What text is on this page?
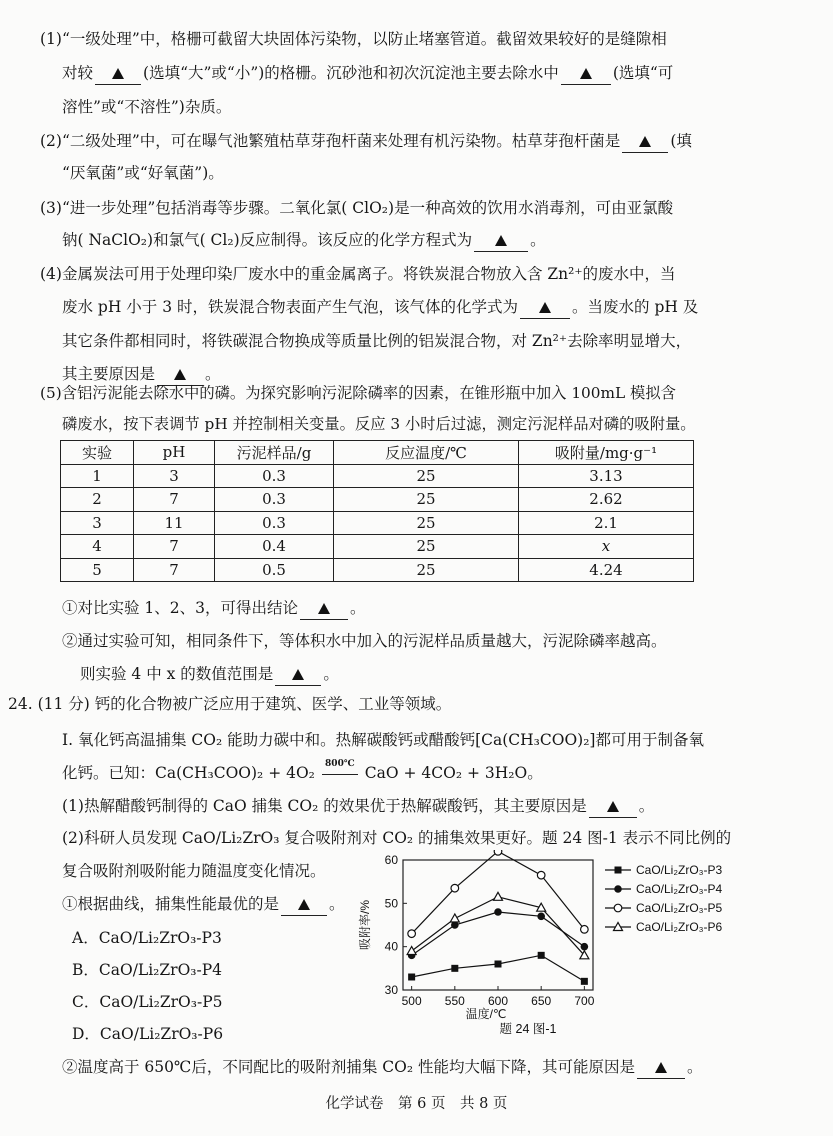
(1)“一级处理”中，格栅可截留大块固体污染物，以防止堵塞管道。截留效果较好的是缝隙相
对较	(选填“大”或“小”)的格栅。沉砂池和初次沉淀池主要去除水中	(选填“可
溶性”或“不溶性”)杂质。
(2)“二级处理”中，可在曝气池繁殖枯草芽孢杆菌来处理有机污染物。枯草芽孢杆菌是	(填
“厌氧菌”或“好氧菌”)。
(3)“进一步处理”包括消毒等步骤。二氧化氯( ClO₂)是一种高效的饮用水消毒剂，可由亚氯酸
钠( NaClO₂)和氯气( Cl₂)反应制得。该反应的化学方程式为	。
(4)金属炭法可用于处理印染厂废水中的重金属离子。将铁炭混合物放入含 Zn²⁺的废水中，当
废水 pH 小于 3 时，铁炭混合物表面产生气泡，该气体的化学式为	。当废水的 pH 及
其它条件都相同时，将铁碳混合物换成等质量比例的铝炭混合物，对 Zn²⁺去除率明显增大，
其主要原因是	。
(5)含铝污泥能去除水中的磷。为探究影响污泥除磷率的因素，在锥形瓶中加入 100mL 模拟含
磷废水，按下表调节 pH 并控制相关变量。反应 3 小时后过滤，测定污泥样品对磷的吸附量。
实验	pH	污泥样品/g	反应温度/℃	吸附量/mg·g⁻¹
1	3	0.3	25	3.13
2	7	0.3	25	2.62
3	11	0.3	25	2.1
4	7	0.4	25	x
5	7	0.5	25	4.24
①对比实验 1、2、3，可得出结论	。
②通过实验可知，相同条件下，等体积水中加入的污泥样品质量越大，污泥除磷率越高。
则实验 4 中 x 的数值范围是	。
24. (11 分) 钙的化合物被广泛应用于建筑、医学、工业等领域。
Ⅰ. 氧化钙高温捕集 CO₂ 能助力碳中和。热解碳酸钙或醋酸钙[Ca(CH₃COO)₂]都可用于制备氧
化钙。已知：Ca(CH₃COO)₂ + 4O₂	800℃ CaO + 4CO₂ + 3H₂O。
(1)热解醋酸钙制得的 CaO 捕集 CO₂ 的效果优于热解碳酸钙，其主要原因是	。
(2)科研人员发现 CaO/Li₂ZrO₃ 复合吸附剂对 CO₂ 的捕集效果更好。题 24 图-1 表示不同比例的
复合吸附剂吸附能力随温度变化情况。
①根据曲线，捕集性能最优的是	。
A．CaO/Li₂ZrO₃-P3
B．CaO/Li₂ZrO₃-P4
C．CaO/Li₂ZrO₃-P5
D．CaO/Li₂ZrO₃-P6
②温度高于 650℃后，不同配比的吸附剂捕集 CO₂ 性能均大幅下降，其可能原因是	。
500 550 600 650 700
30
40
50
60
温度/℃
吸附率/%
题 24 图-1
CaO/Li₂ZrO₃-P3
CaO/Li₂ZrO₃-P4
CaO/Li₂ZrO₃-P5
CaO/Li₂ZrO₃-P6
化学试卷　第 6 页　共 8 页
